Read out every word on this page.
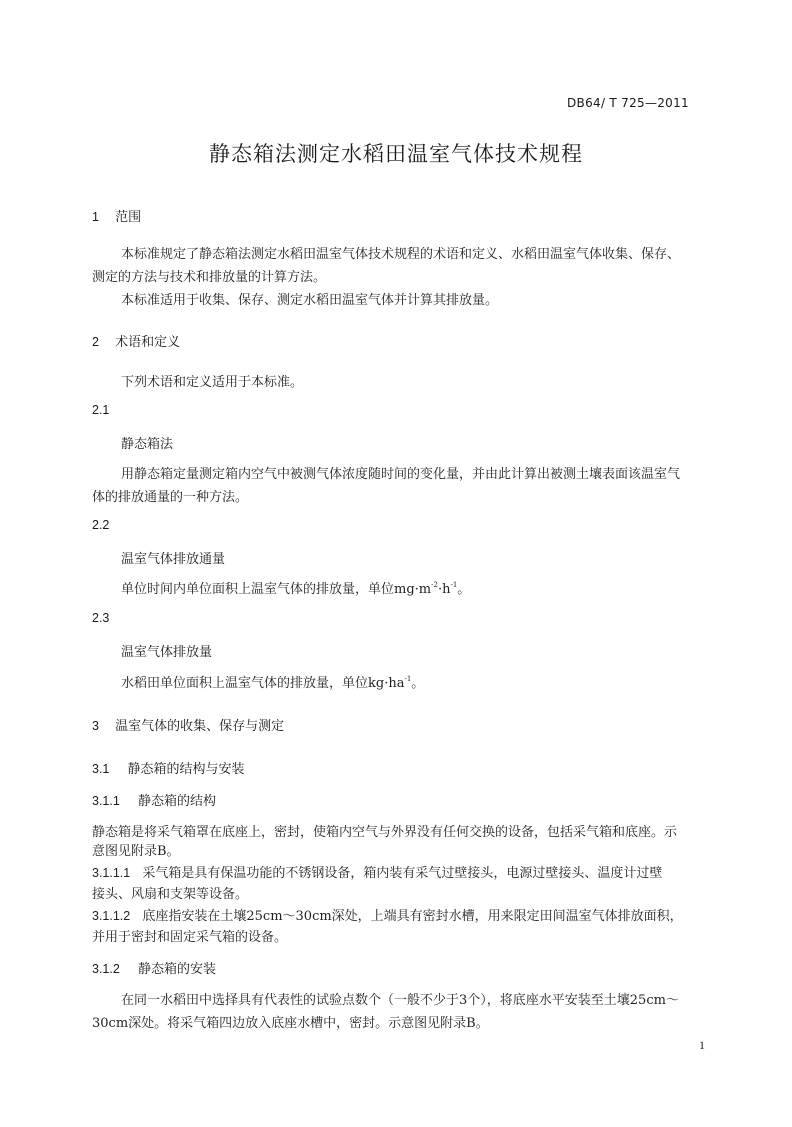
DB64/ T 725—2011
静态箱法测定水稻田温室气体技术规程
1 范围
本标准规定了静态箱法测定水稻田温室气体技术规程的术语和定义、水稻田温室气体收集、保存、
测定的方法与技术和排放量的计算方法。
本标准适用于收集、保存、测定水稻田温室气体并计算其排放量。
2 术语和定义
下列术语和定义适用于本标准。
2.1
静态箱法
用静态箱定量测定箱内空气中被测气体浓度随时间的变化量，并由此计算出被测土壤表面该温室气
体的排放通量的一种方法。
2.2
温室气体排放通量
单位时间内单位面积上温室气体的排放量，单位$mg\cdot m^{-2}\cdot h^{-1}$。
2.3
温室气体排放量
水稻田单位面积上温室气体的排放量，单位$kg\cdot ha^{-1}$。
3 温室气体的收集、保存与测定
3.1 静态箱的结构与安装
3.1.1 静态箱的结构
静态箱是将采气箱罩在底座上，密封，使箱内空气与外界没有任何交换的设备，包括采气箱和底座。示
意图见附录B。
3.1.1.1 采气箱是具有保温功能的不锈钢设备，箱内装有采气过壁接头，电源过壁接头、温度计过壁
接头、风扇和支架等设备。
3.1.1.2 底座指安装在土壤25cm～30cm深处，上端具有密封水槽，用来限定田间温室气体排放面积，
并用于密封和固定采气箱的设备。
3.1.2 静态箱的安装
在同一水稻田中选择具有代表性的试验点数个（一般不少于3个），将底座水平安装至土壤25cm～
30cm深处。将采气箱四边放入底座水槽中，密封。示意图见附录B。
1
